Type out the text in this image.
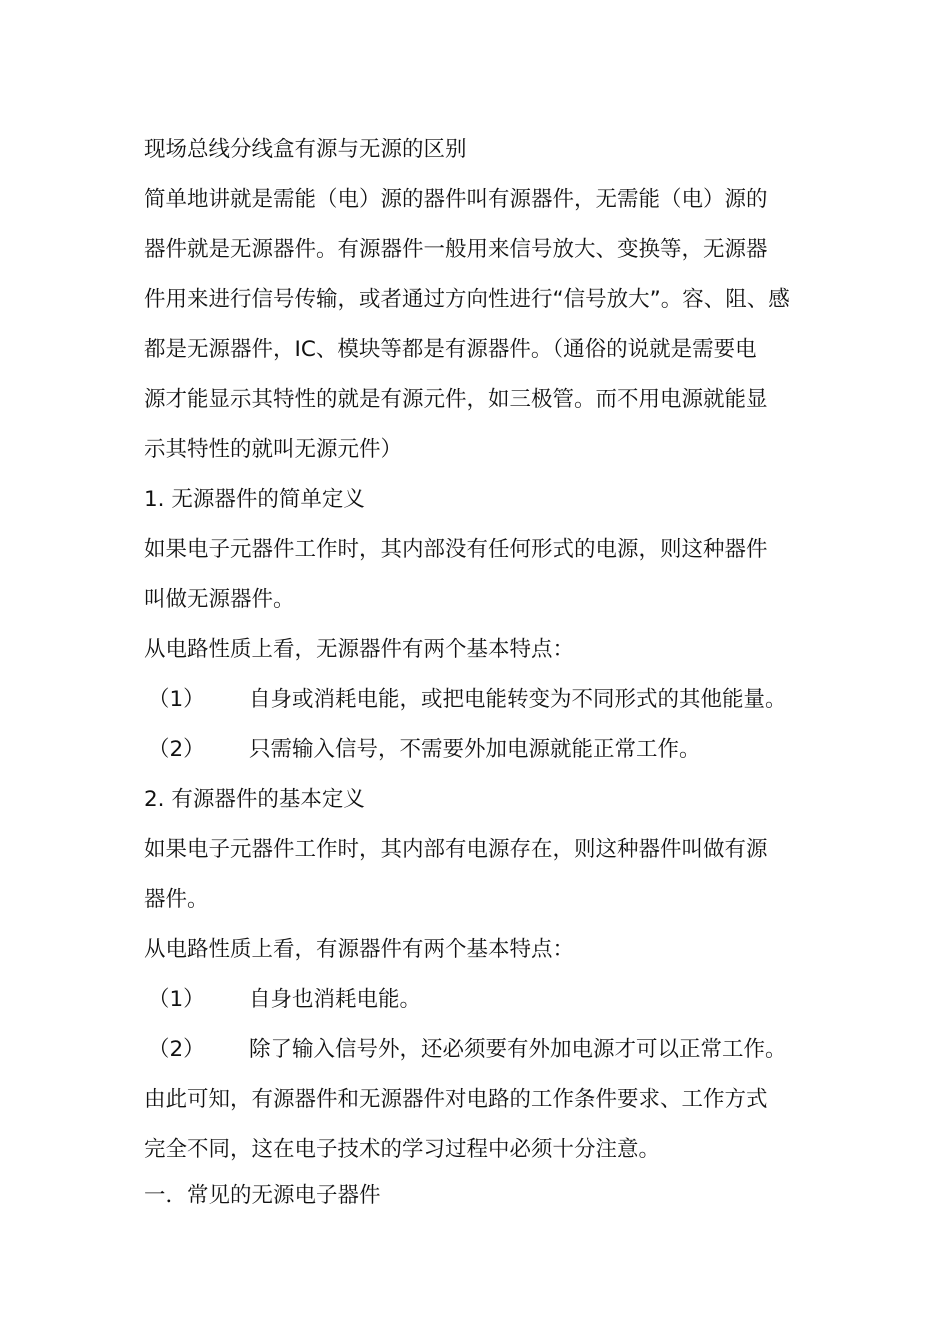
现场总线分线盒有源与无源的区别
简单地讲就是需能（电）源的器件叫有源器件，无需能（电）源的
器件就是无源器件。有源器件一般用来信号放大、变换等，无源器
件用来进行信号传输，或者通过方向性进行“信号放大”。容、阻、感
都是无源器件，IC、模块等都是有源器件。（通俗的说就是需要电
源才能显示其特性的就是有源元件，如三极管。而不用电源就能显
示其特性的就叫无源元件）
1. 无源器件的简单定义
如果电子元器件工作时，其内部没有任何形式的电源，则这种器件
叫做无源器件。
从电路性质上看，无源器件有两个基本特点：
（1） 自身或消耗电能，或把电能转变为不同形式的其他能量。
（2） 只需输入信号，不需要外加电源就能正常工作。
2. 有源器件的基本定义
如果电子元器件工作时，其内部有电源存在，则这种器件叫做有源
器件。
从电路性质上看，有源器件有两个基本特点：
（1） 自身也消耗电能。
（2） 除了输入信号外，还必须要有外加电源才可以正常工作。
由此可知，有源器件和无源器件对电路的工作条件要求、工作方式
完全不同，这在电子技术的学习过程中必须十分注意。
一．常见的无源电子器件
